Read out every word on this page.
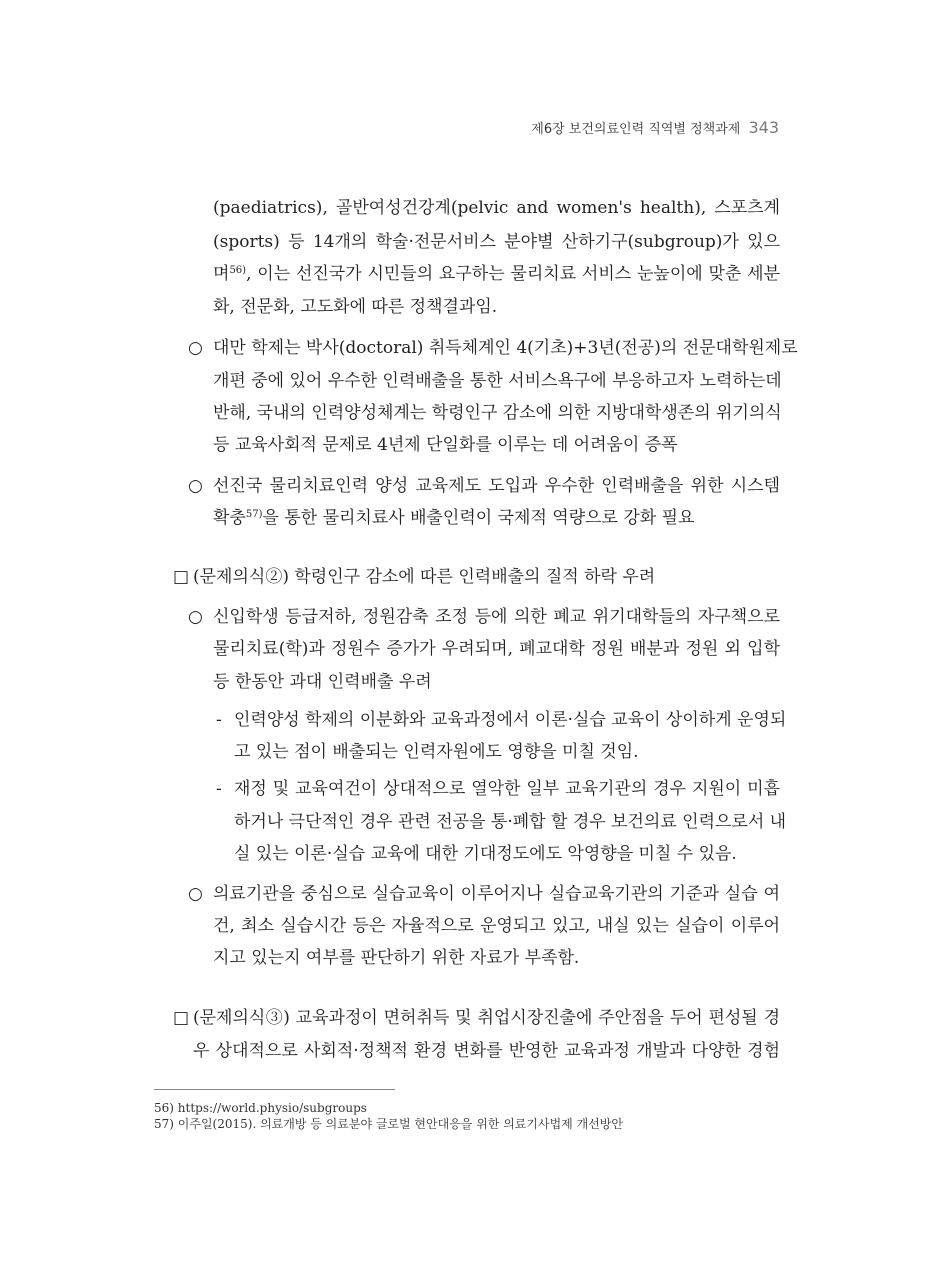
제6장 보건의료인력 직역별 정책과제 343
(paediatrics), 골반여성건강계(pelvic and women's health), 스포츠계
(sports) 등 14개의 학술·전문서비스 분야별 산하기구(subgroup)가 있으
며$^{56)}$, 이는 선진국가 시민들의 요구하는 물리치료 서비스 눈높이에 맞춘 세분
화, 전문화, 고도화에 따른 정책결과임.
○ 대만 학제는 박사(doctoral) 취득체계인 4(기초)+3년(전공)의 전문대학원제로
개편 중에 있어 우수한 인력배출을 통한 서비스욕구에 부응하고자 노력하는데
반해, 국내의 인력양성체계는 학령인구 감소에 의한 지방대학생존의 위기의식
등 교육사회적 문제로 4년제 단일화를 이루는 데 어려움이 증폭
○ 선진국 물리치료인력 양성 교육제도 도입과 우수한 인력배출을 위한 시스템
확충$^{57)}$을 통한 물리치료사 배출인력이 국제적 역량으로 강화 필요
□ (문제의식②) 학령인구 감소에 따른 인력배출의 질적 하락 우려
○ 신입학생 등급저하, 정원감축 조정 등에 의한 폐교 위기대학들의 자구책으로
물리치료(학)과 정원수 증가가 우려되며, 폐교대학 정원 배분과 정원 외 입학
등 한동안 과대 인력배출 우려
- 인력양성 학제의 이분화와 교육과정에서 이론·실습 교육이 상이하게 운영되
고 있는 점이 배출되는 인력자원에도 영향을 미칠 것임.
- 재정 및 교육여건이 상대적으로 열악한 일부 교육기관의 경우 지원이 미흡
하거나 극단적인 경우 관련 전공을 통·폐합 할 경우 보건의료 인력으로서 내
실 있는 이론·실습 교육에 대한 기대정도에도 악영향을 미칠 수 있음.
○ 의료기관을 중심으로 실습교육이 이루어지나 실습교육기관의 기준과 실습 여
건, 최소 실습시간 등은 자율적으로 운영되고 있고, 내실 있는 실습이 이루어
지고 있는지 여부를 판단하기 위한 자료가 부족함.
□ (문제의식③) 교육과정이 면허취득 및 취업시장진출에 주안점을 두어 편성될 경
우 상대적으로 사회적·정책적 환경 변화를 반영한 교육과정 개발과 다양한 경험
56) https://world.physio/subgroups
57) 이주일(2015). 의료개방 등 의료분야 글로벌 현안대응을 위한 의료기사법제 개선방안
